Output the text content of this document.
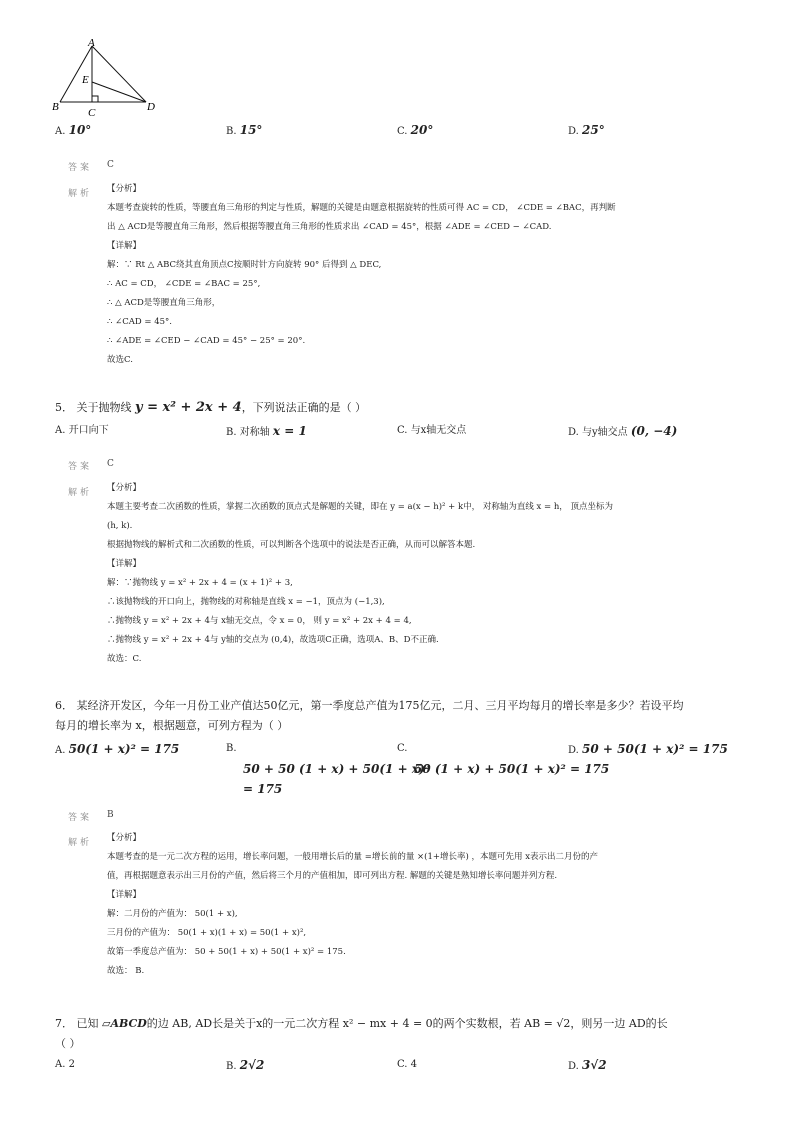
A
E
B	C	D
A. 10°	B. 15°	C. 20°	D. 25°
答案 C
解析 【分析】
本题考查旋转的性质，等腰直角三角形的判定与性质，解题的关键是由题意根据旋转的性质可得 AC = CD， ∠CDE = ∠BAC，再判断
出 △ ACD是等腰直角三角形，然后根据等腰直角三角形的性质求出 ∠CAD = 45°，根据 ∠ADE = ∠CED − ∠CAD.
【详解】
解：∵ Rt △ ABC绕其直角顶点C按顺时针方向旋转 90° 后得到 △ DEC,
∴ AC = CD， ∠CDE = ∠BAC = 25°,
∴ △ ACD是等腰直角三角形，
∴ ∠CAD = 45°.
∴ ∠ADE = ∠CED − ∠CAD = 45° − 25° = 20°.
故选C.
5． 关于抛物线 y = x² + 2x + 4，下列说法正确的是（ ）
A. 开口向下	B. 对称轴 x = 1	C. 与x轴无交点	D. 与y轴交点 (0, −4)
答案 C
解析 【分析】
本题主要考查二次函数的性质，掌握二次函数的顶点式是解题的关键，即在 y = a(x − h)² + k中， 对称轴为直线 x = h， 顶点坐标为
(h, k).
根据抛物线的解析式和二次函数的性质，可以判断各个选项中的说法是否正确，从而可以解答本题.
【详解】
解：∵抛物线 y = x² + 2x + 4 = (x + 1)² + 3,
∴该抛物线的开口向上，抛物线的对称轴是直线 x = −1，顶点为 (−1,3),
∴抛物线 y = x² + 2x + 4与 x轴无交点，令 x = 0， 则 y = x² + 2x + 4 = 4,
∴抛物线 y = x² + 2x + 4与 y轴的交点为 (0,4)，故选项C正确，选项A、B、D不正确.
故选：C.
6． 某经济开发区，今年一月份工业产值达50亿元，第一季度总产值为175亿元，二月、三月平均每月的增长率是多少？若设平均
每月的增长率为 x，根据题意，可列方程为（ ）
A. 50(1 + x)² = 175	B.
50 + 50 (1 + x) + 50(1 + x)²
= 175
C.
50 (1 + x) + 50(1 + x)² = 175
D. 50 + 50(1 + x)² = 175
答案 B
解析 【分析】
本题考查的是一元二次方程的运用，增长率问题，一般用增长后的量 =增长前的量 ×(1+增长率) ，本题可先用 x表示出二月份的产
值，再根据题意表示出三月份的产值，然后将三个月的产值相加，即可列出方程. 解题的关键是熟知增长率问题并列方程.
【详解】
解：二月份的产值为： 50(1 + x),
三月份的产值为： 50(1 + x)(1 + x) = 50(1 + x)²,
故第一季度总产值为： 50 + 50(1 + x) + 50(1 + x)² = 175.
故选： B.
7． 已知 ▱ABCD的边 AB, AD长是关于x的一元二次方程 x² − mx + 4 = 0的两个实数根，若 AB = √2，则另一边 AD的长
（ ）
A. 2	B. 2√2	C. 4	D. 3√2
